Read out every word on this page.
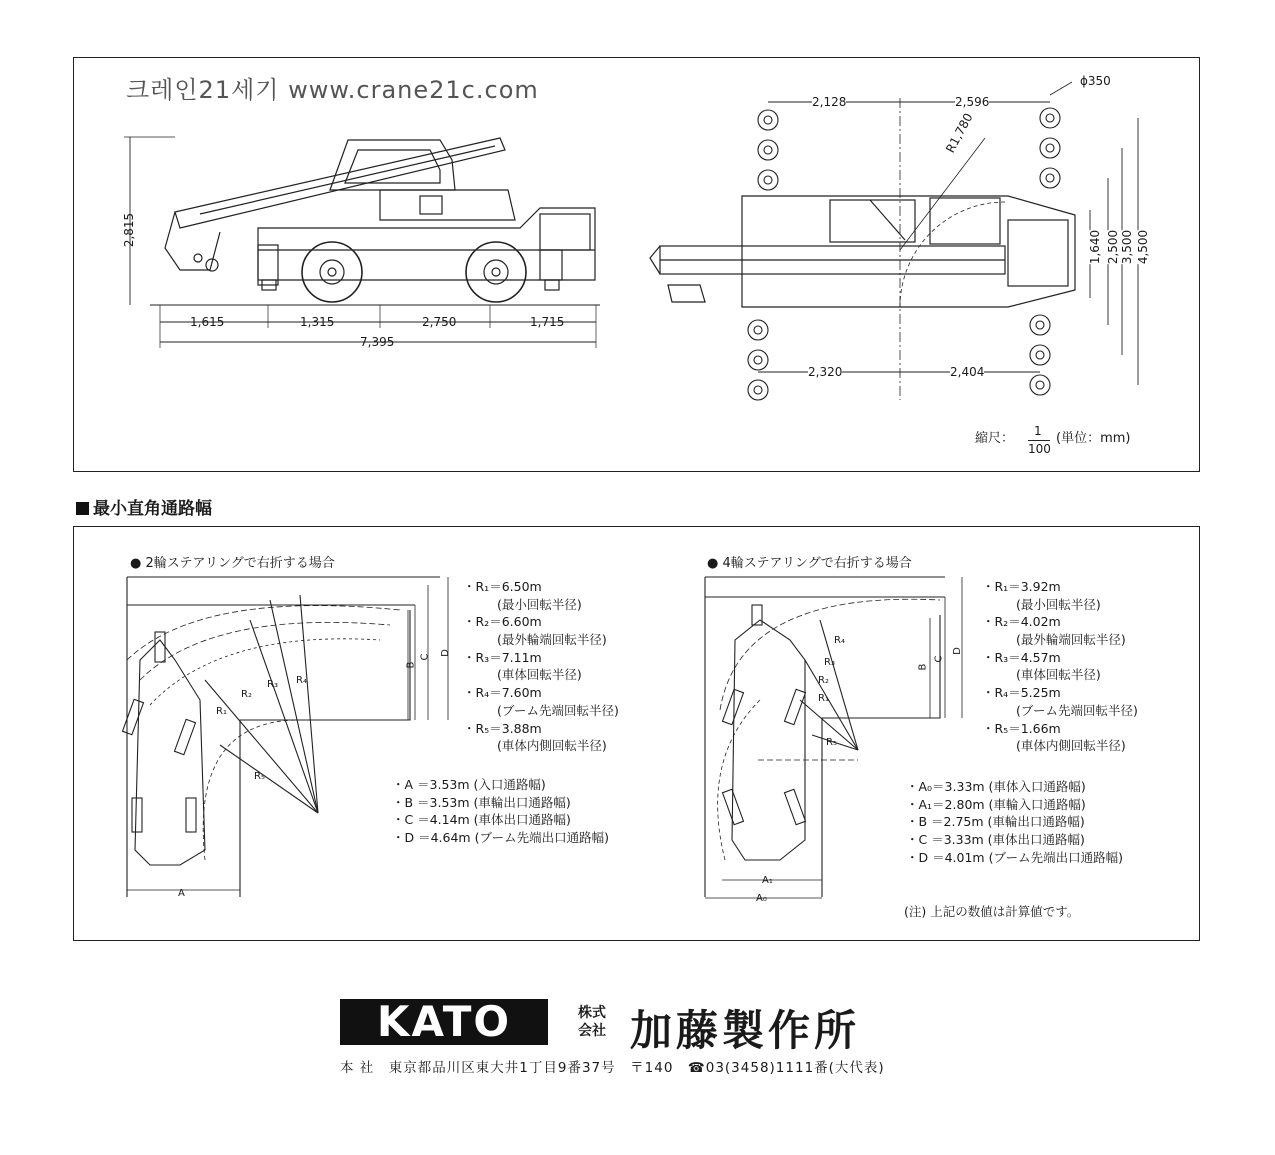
크레인21세기 www.crane21c.com
2,815
1,615	1,315	2,750	1,715
7,395
2,128	2,596
ϕ350
R1,780
1,640 2,500 3,500 4,500
2,320	2,404
縮尺： 1
100
(単位：mm)
最小直角通路幅
● 2輪ステアリングで右折する場合
・R₁＝6.50m
(最小回転半径)
・R₂＝6.60m
(最外輪端回転半径)
・R₃＝7.11m
(車体回転半径)
・R₄＝7.60m
(ブーム先端回転半径)
・R₅＝3.88m
(車体内側回転半径)
・A ＝3.53m (入口通路幅)
・B ＝3.53m (車輪出口通路幅)
・C ＝4.14m (車体出口通路幅)
・D ＝4.64m (ブーム先端出口通路幅)
A
B
C
D
R₁
R₂
R₃ R₄
R₅
● 4輪ステアリングで右折する場合
・R₁＝3.92m
(最小回転半径)
・R₂＝4.02m
(最外輪端回転半径)
・R₃＝4.57m
(車体回転半径)
・R₄＝5.25m
(ブーム先端回転半径)
・R₅＝1.66m
(車体内側回転半径)
・A₀＝3.33m (車体入口通路幅)
・A₁＝2.80m (車輪入口通路幅)
・B ＝2.75m (車輪出口通路幅)
・C ＝3.33m (車体出口通路幅)
・D ＝4.01m (ブーム先端出口通路幅)
A₁
A₀
B
C
D
R₁
R₂
R₃
R₄
R₅
(注) 上記の数値は計算値です。
KATO	株式会社 加藤製作所
本 社　東京都品川区東大井1丁目9番37号　〒140　☎03(3458)1111番(大代表)
